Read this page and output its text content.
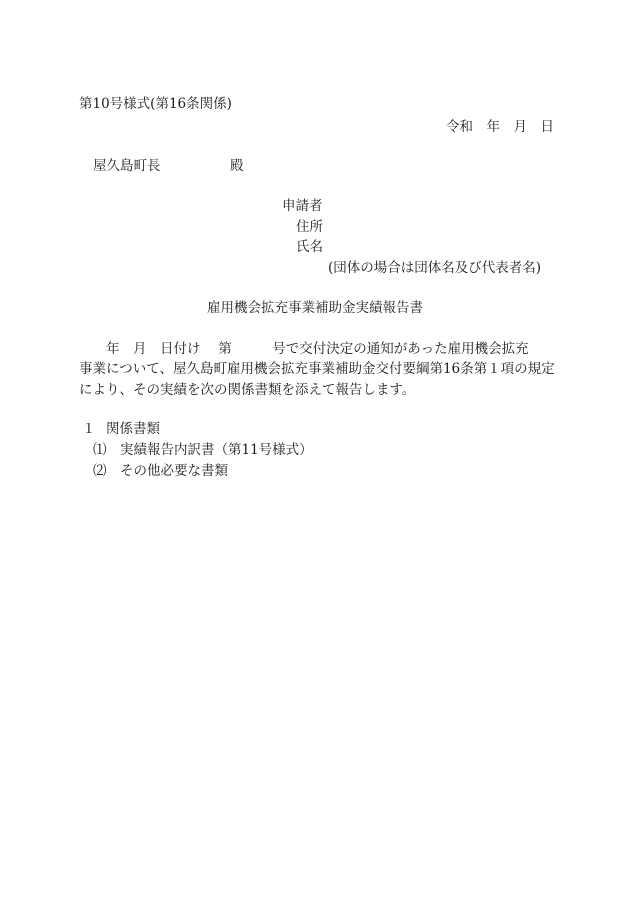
第10号様式(第16条関係)
令和　年　月　日
屋久島町長	殿
申請者
住所
氏名
(団体の場合は団体名及び代表者名)
雇用機会拡充事業補助金実績報告書
　　年　月　日付け　 第　　　号で交付決定の通知があった雇用機会拡充
事業について、屋久島町雇用機会拡充事業補助金交付要綱第16条第１項の規定
により、その実績を次の関係書類を添えて報告します。
１ 関係書類
⑴ 実績報告内訳書（第11号様式）
⑵ その他必要な書類
